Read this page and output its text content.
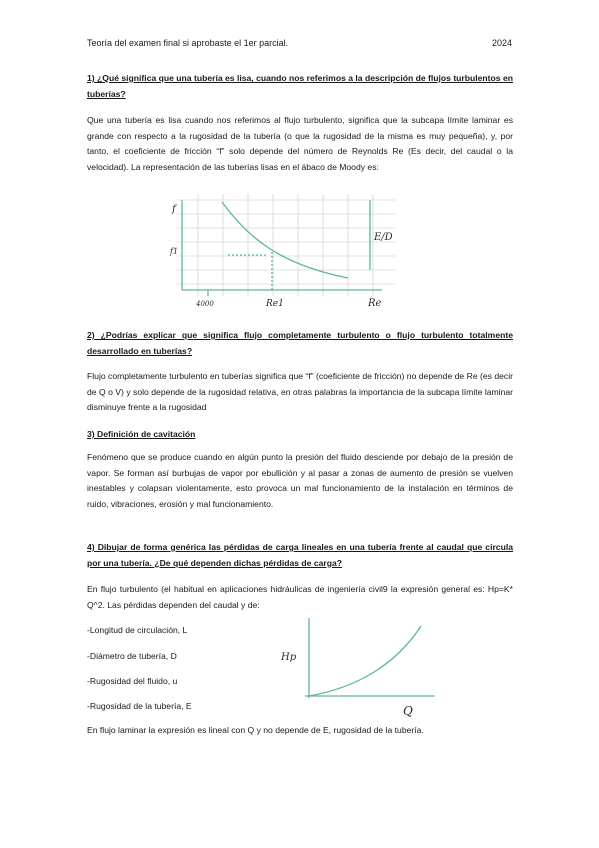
Teoría del examen final si aprobaste el 1er parcial.	2024
1) ¿Qué significa que una tubería es lisa, cuando nos referimos a la descripción de flujos turbulentos en tuberías?
Que una tubería es lisa cuando nos referimos al flujo turbulento, significa que la subcapa límite laminar es grande con respecto a la rugosidad de la tubería (o que la rugosidad de la misma es muy pequeña), y, por tanto, el coeficiente de fricción “f” solo depende del número de Reynolds Re (Es decir, del caudal o la velocidad). La representación de las tuberías lisas en el ábaco de Moody es:
f
f1
4000	Re1	Re
E/D
2) ¿Podrías explicar que significa flujo completamente turbulento o flujo turbulento totalmente desarrollado en tuberías?
Flujo completamente turbulento en tuberías significa que “f” (coeficiente de fricción) no depende de Re (es decir de Q o V) y solo depende de la rugosidad relativa, en otras palabras la importancia de la subcapa límite laminar disminuye frente a la rugosidad
3) Definición de cavitación
Fenómeno que se produce cuando en algún punto la presión del fluido desciende por debajo de la presión de vapor. Se forman así burbujas de vapor por ebullición y al pasar a zonas de aumento de presión se vuelven inestables y colapsan violentamente, esto provoca un mal funcionamiento de la instalación en términos de ruido, vibraciones, erosión y mal funcionamiento.
4) Dibujar de forma genérica las pérdidas de carga lineales en una tubería frente al caudal que circula por una tubería. ¿De qué dependen dichas pérdidas de carga?
En flujo turbulento (el habitual en aplicaciones hidráulicas de ingeniería civil9 la expresión general es: Hp=K* Q^2. Las pérdidas dependen del caudal y de:
-Longitud de circulación, L
-Diámetro de tubería, D
-Rugosidad del fluido, u
-Rugosidad de la tubería, E
Hp
Q
En flujo laminar la expresión es lineal con Q y no depende de E, rugosidad de la tubería.
